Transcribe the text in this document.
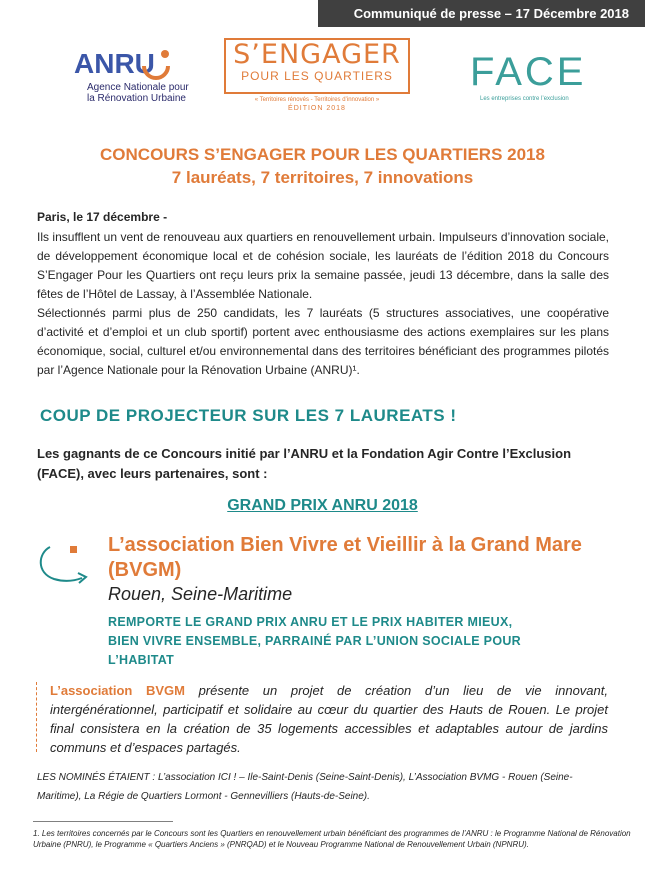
Communiqué de presse – 17 Décembre 2018
ANRU
Agence Nationale pour la Rénovation Urbaine
S’ENGAGER
POUR LES QUARTIERS
« Territoires rénovés - Territoires d’innovation »
ÉDITION 2018
FACE
Les entreprises contre l’exclusion
CONCOURS S’ENGAGER POUR LES QUARTIERS 2018
7 lauréats, 7 territoires, 7 innovations
Paris, le 17 décembre -
Ils insufflent un vent de renouveau aux quartiers en renouvellement urbain. Impulseurs d’innovation sociale, de développement économique local et de cohésion sociale, les lauréats de l’édition 2018 du Concours S’Engager Pour les Quartiers ont reçu leurs prix la semaine passée, jeudi 13 décembre, dans la salle des fêtes de l’Hôtel de Lassay, à l’Assemblée Nationale.
Sélectionnés parmi plus de 250 candidats, les 7 lauréats (5 structures associatives, une coopérative d’activité et d’emploi et un club sportif) portent avec enthousiasme des actions exemplaires sur les plans économique, social, culturel et/ou environnemental dans des territoires bénéficiant des programmes pilotés par l’Agence Nationale pour la Rénovation Urbaine (ANRU)¹.
COUP DE PROJECTEUR SUR LES 7 LAUREATS !
Les gagnants de ce Concours initié par l’ANRU et la Fondation Agir Contre l’Exclusion (FACE), avec leurs partenaires, sont :
GRAND PRIX ANRU 2018
L’association Bien Vivre et Vieillir à la Grand Mare (BVGM)
Rouen, Seine-Maritime
REMPORTE LE GRAND PRIX ANRU ET LE PRIX HABITER MIEUX, BIEN VIVRE ENSEMBLE, PARRAINÉ PAR L’UNION SOCIALE POUR L’HABITAT
L’association BVGM présente un projet de création d’un lieu de vie innovant, intergénérationnel, participatif et solidaire au cœur du quartier des Hauts de Rouen. Le projet final consistera en la création de 35 logements accessibles et adaptables autour de jardins communs et d’espaces partagés.
LES NOMINÉS ÉTAIENT : L’association ICI ! – Ile-Saint-Denis (Seine-Saint-Denis), L’Association BVMG - Rouen (Seine-Maritime), La Régie de Quartiers Lormont - Gennevilliers (Hauts-de-Seine).
1. Les territoires concernés par le Concours sont les Quartiers en renouvellement urbain bénéficiant des programmes de l’ANRU : le Programme National de Rénovation Urbaine (PNRU), le Programme « Quartiers Anciens » (PNRQAD) et le Nouveau Programme National de Renouvellement Urbain (NPNRU).
